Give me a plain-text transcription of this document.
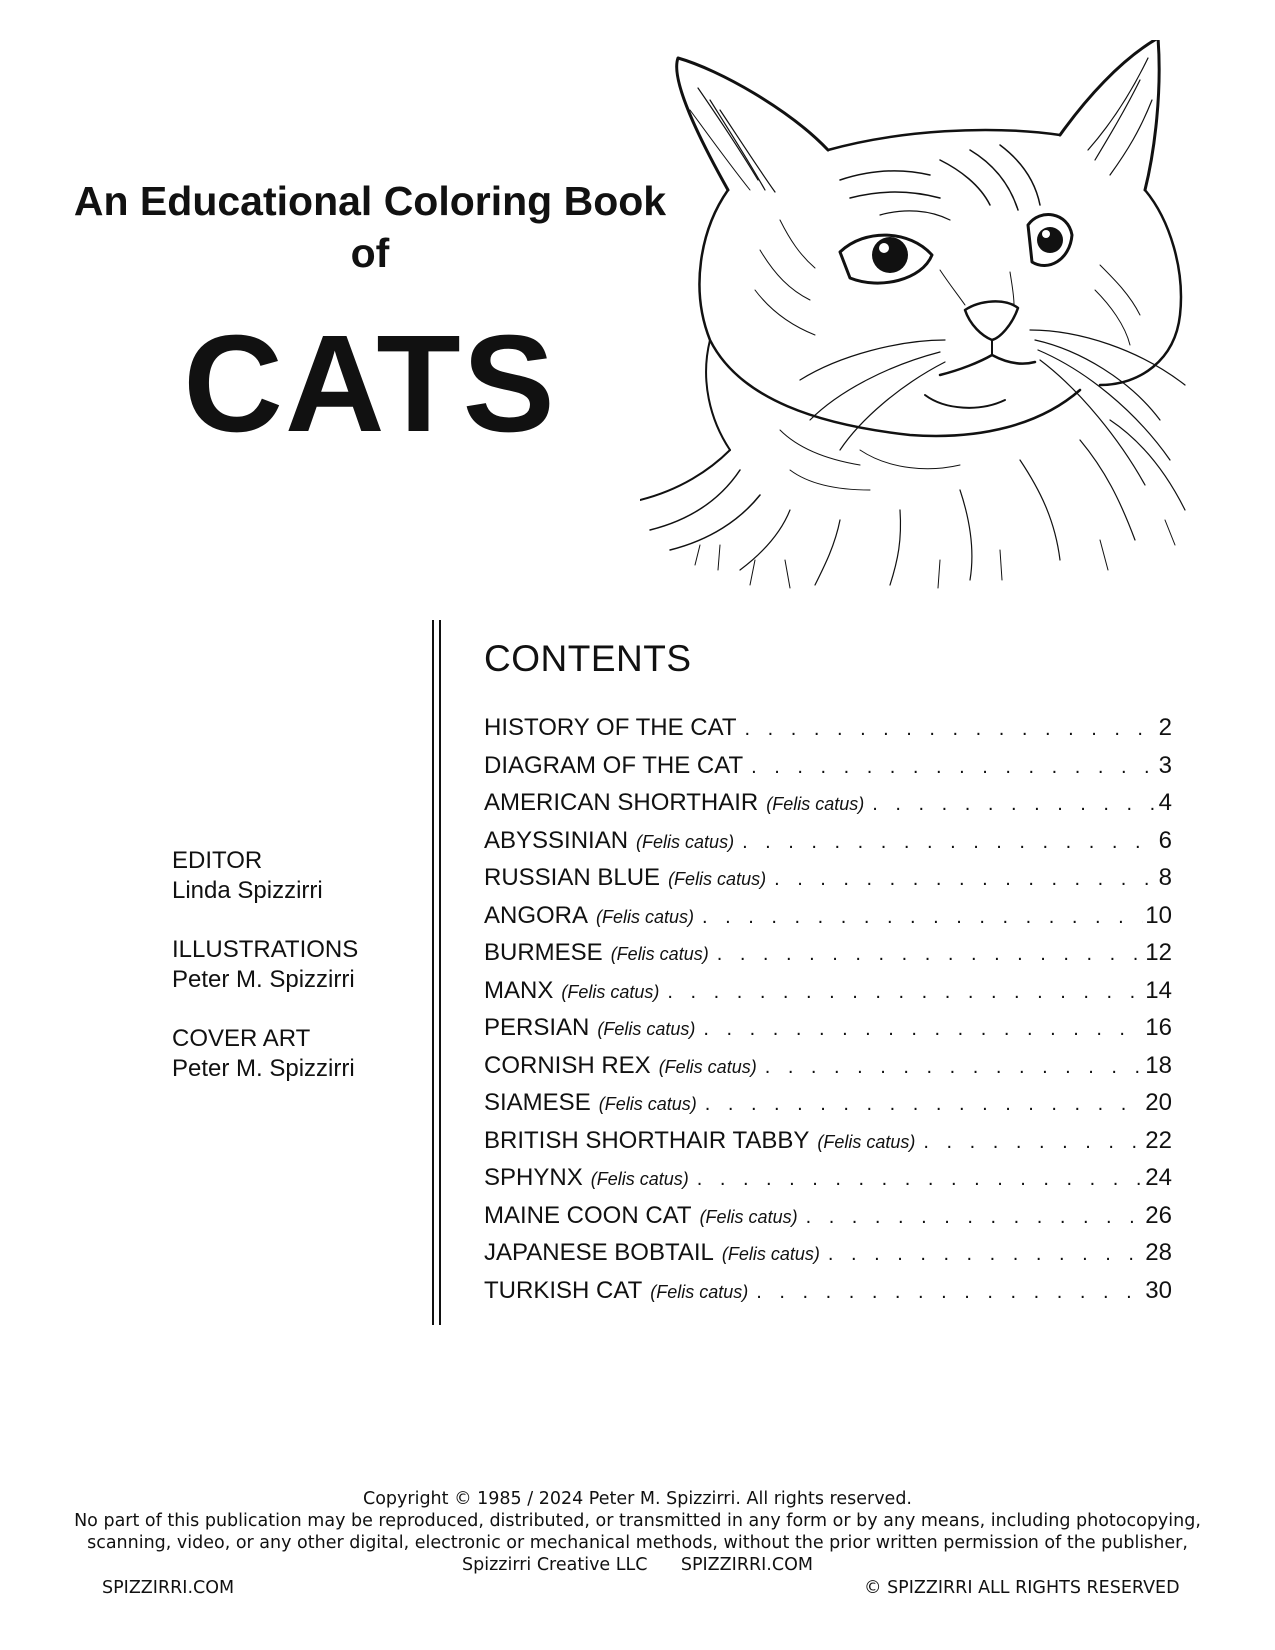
An Educational Coloring Book
of
CATS
CONTENTS
HISTORY OF THE CAT . . .	2
DIAGRAM OF THE CAT . . .	3
AMERICAN SHORTHAIR (Felis catus) . . .	4
ABYSSINIAN (Felis catus) . . .	6
RUSSIAN BLUE (Felis catus) . . .	8
ANGORA (Felis catus) . . .	10
BURMESE (Felis catus) . . .	12
MANX (Felis catus) . . .	14
PERSIAN (Felis catus) . . .	16
CORNISH REX (Felis catus) . . .	18
SIAMESE (Felis catus) . . .	20
BRITISH SHORTHAIR TABBY (Felis catus) . . .	22
SPHYNX (Felis catus) . . .	24
MAINE COON CAT (Felis catus) . . .	26
JAPANESE BOBTAIL (Felis catus) . . .	28
TURKISH CAT (Felis catus) . . .	30
EDITOR
Linda Spizzirri
ILLUSTRATIONS
Peter M. Spizzirri
COVER ART
Peter M. Spizzirri
Copyright © 1985 / 2024 Peter M. Spizzirri. All rights reserved.
No part of this publication may be reproduced, distributed, or transmitted in any form or by any means, including photocopying,
scanning, video, or any other digital, electronic or mechanical methods, without the prior written permission of the publisher,
Spizzirri Creative LLC      SPIZZIRRI.COM
SPIZZIRRI.COM	© SPIZZIRRI ALL RIGHTS RESERVED
